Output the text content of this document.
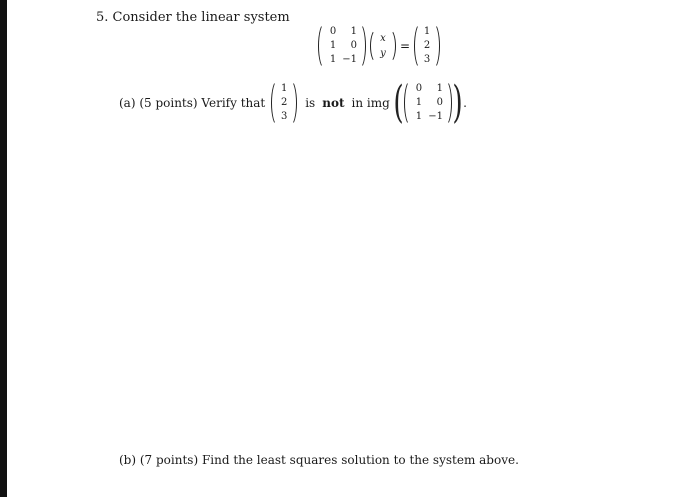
5. Consider the linear system
0	1
1	0
1 −1
x
y
=
1
2
3
(a) (5 points) Verify that
1
2
3
is not in img (	0	1
1	0
1 −1 ) .
(b) (7 points) Find the least squares solution to the system above.
